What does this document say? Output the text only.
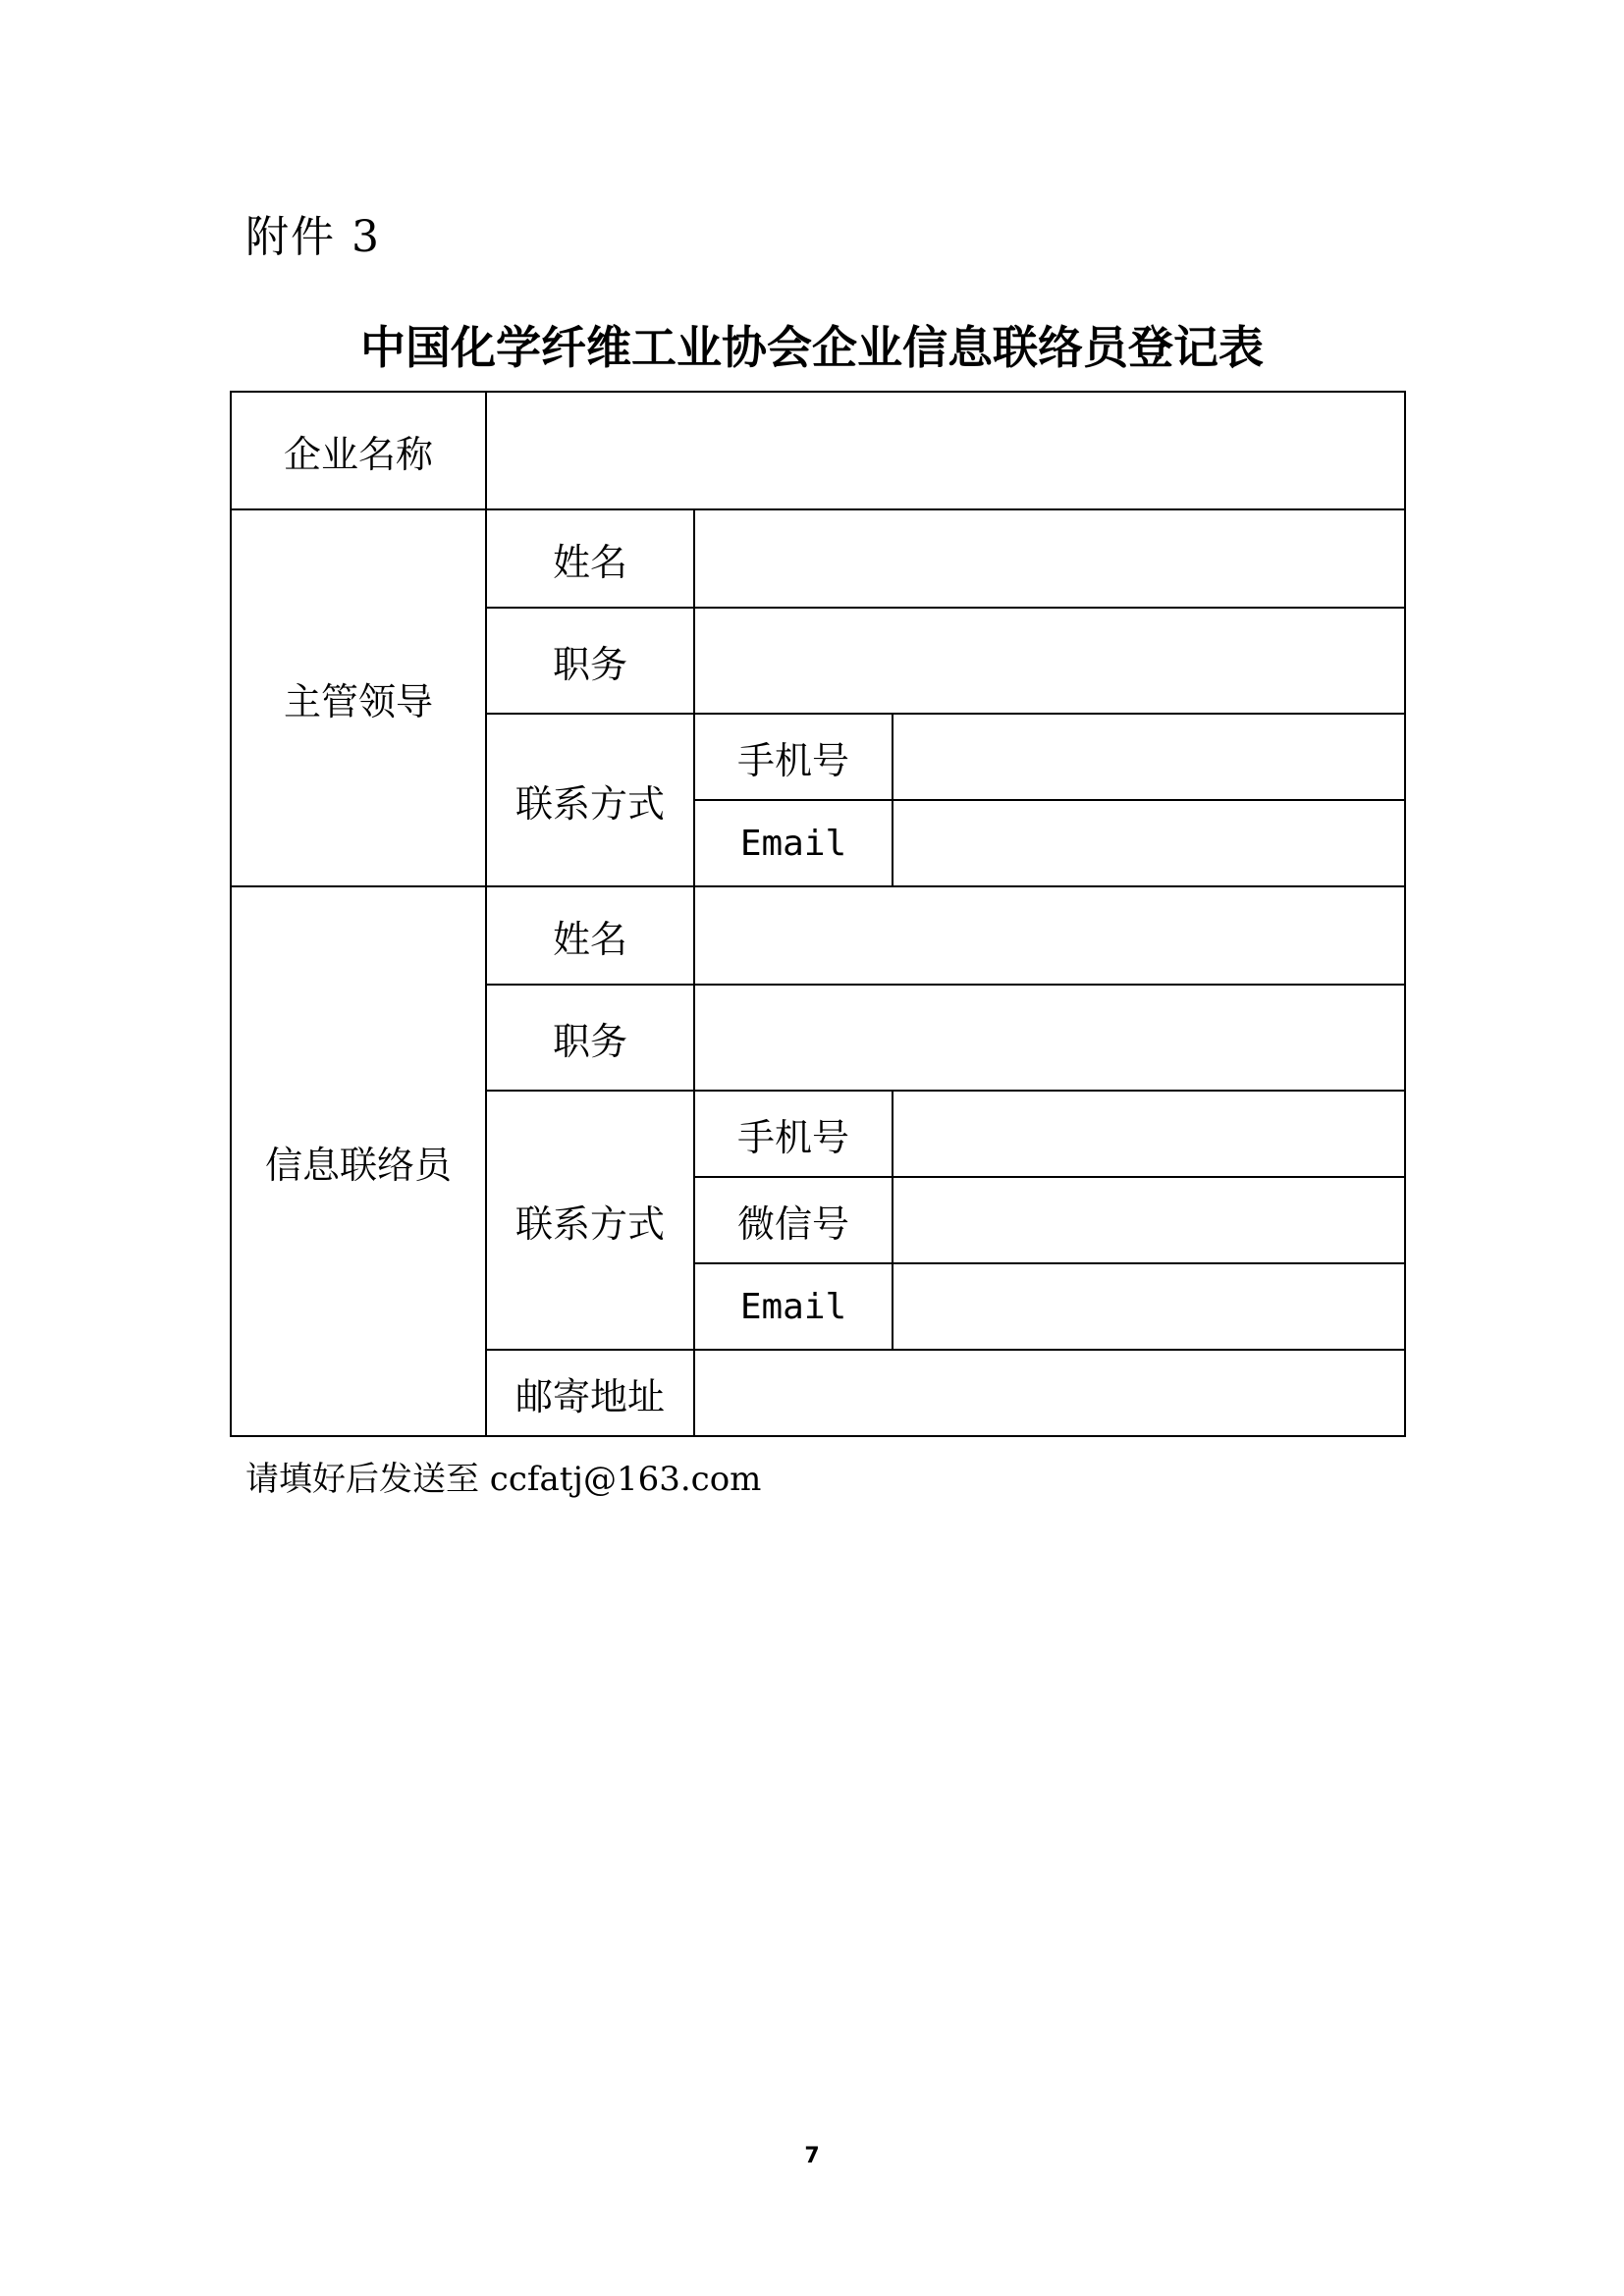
附件 3
中国化学纤维工业协会企业信息联络员登记表
企业名称			
主管领导	姓名		
	职务		
	联系方式	手机号	
		Email	
信息联络员	姓名		
	职务		
	联系方式	手机号	
		微信号	
		Email	
	邮寄地址		
请填好后发送至 ccfatj@163.com
7
